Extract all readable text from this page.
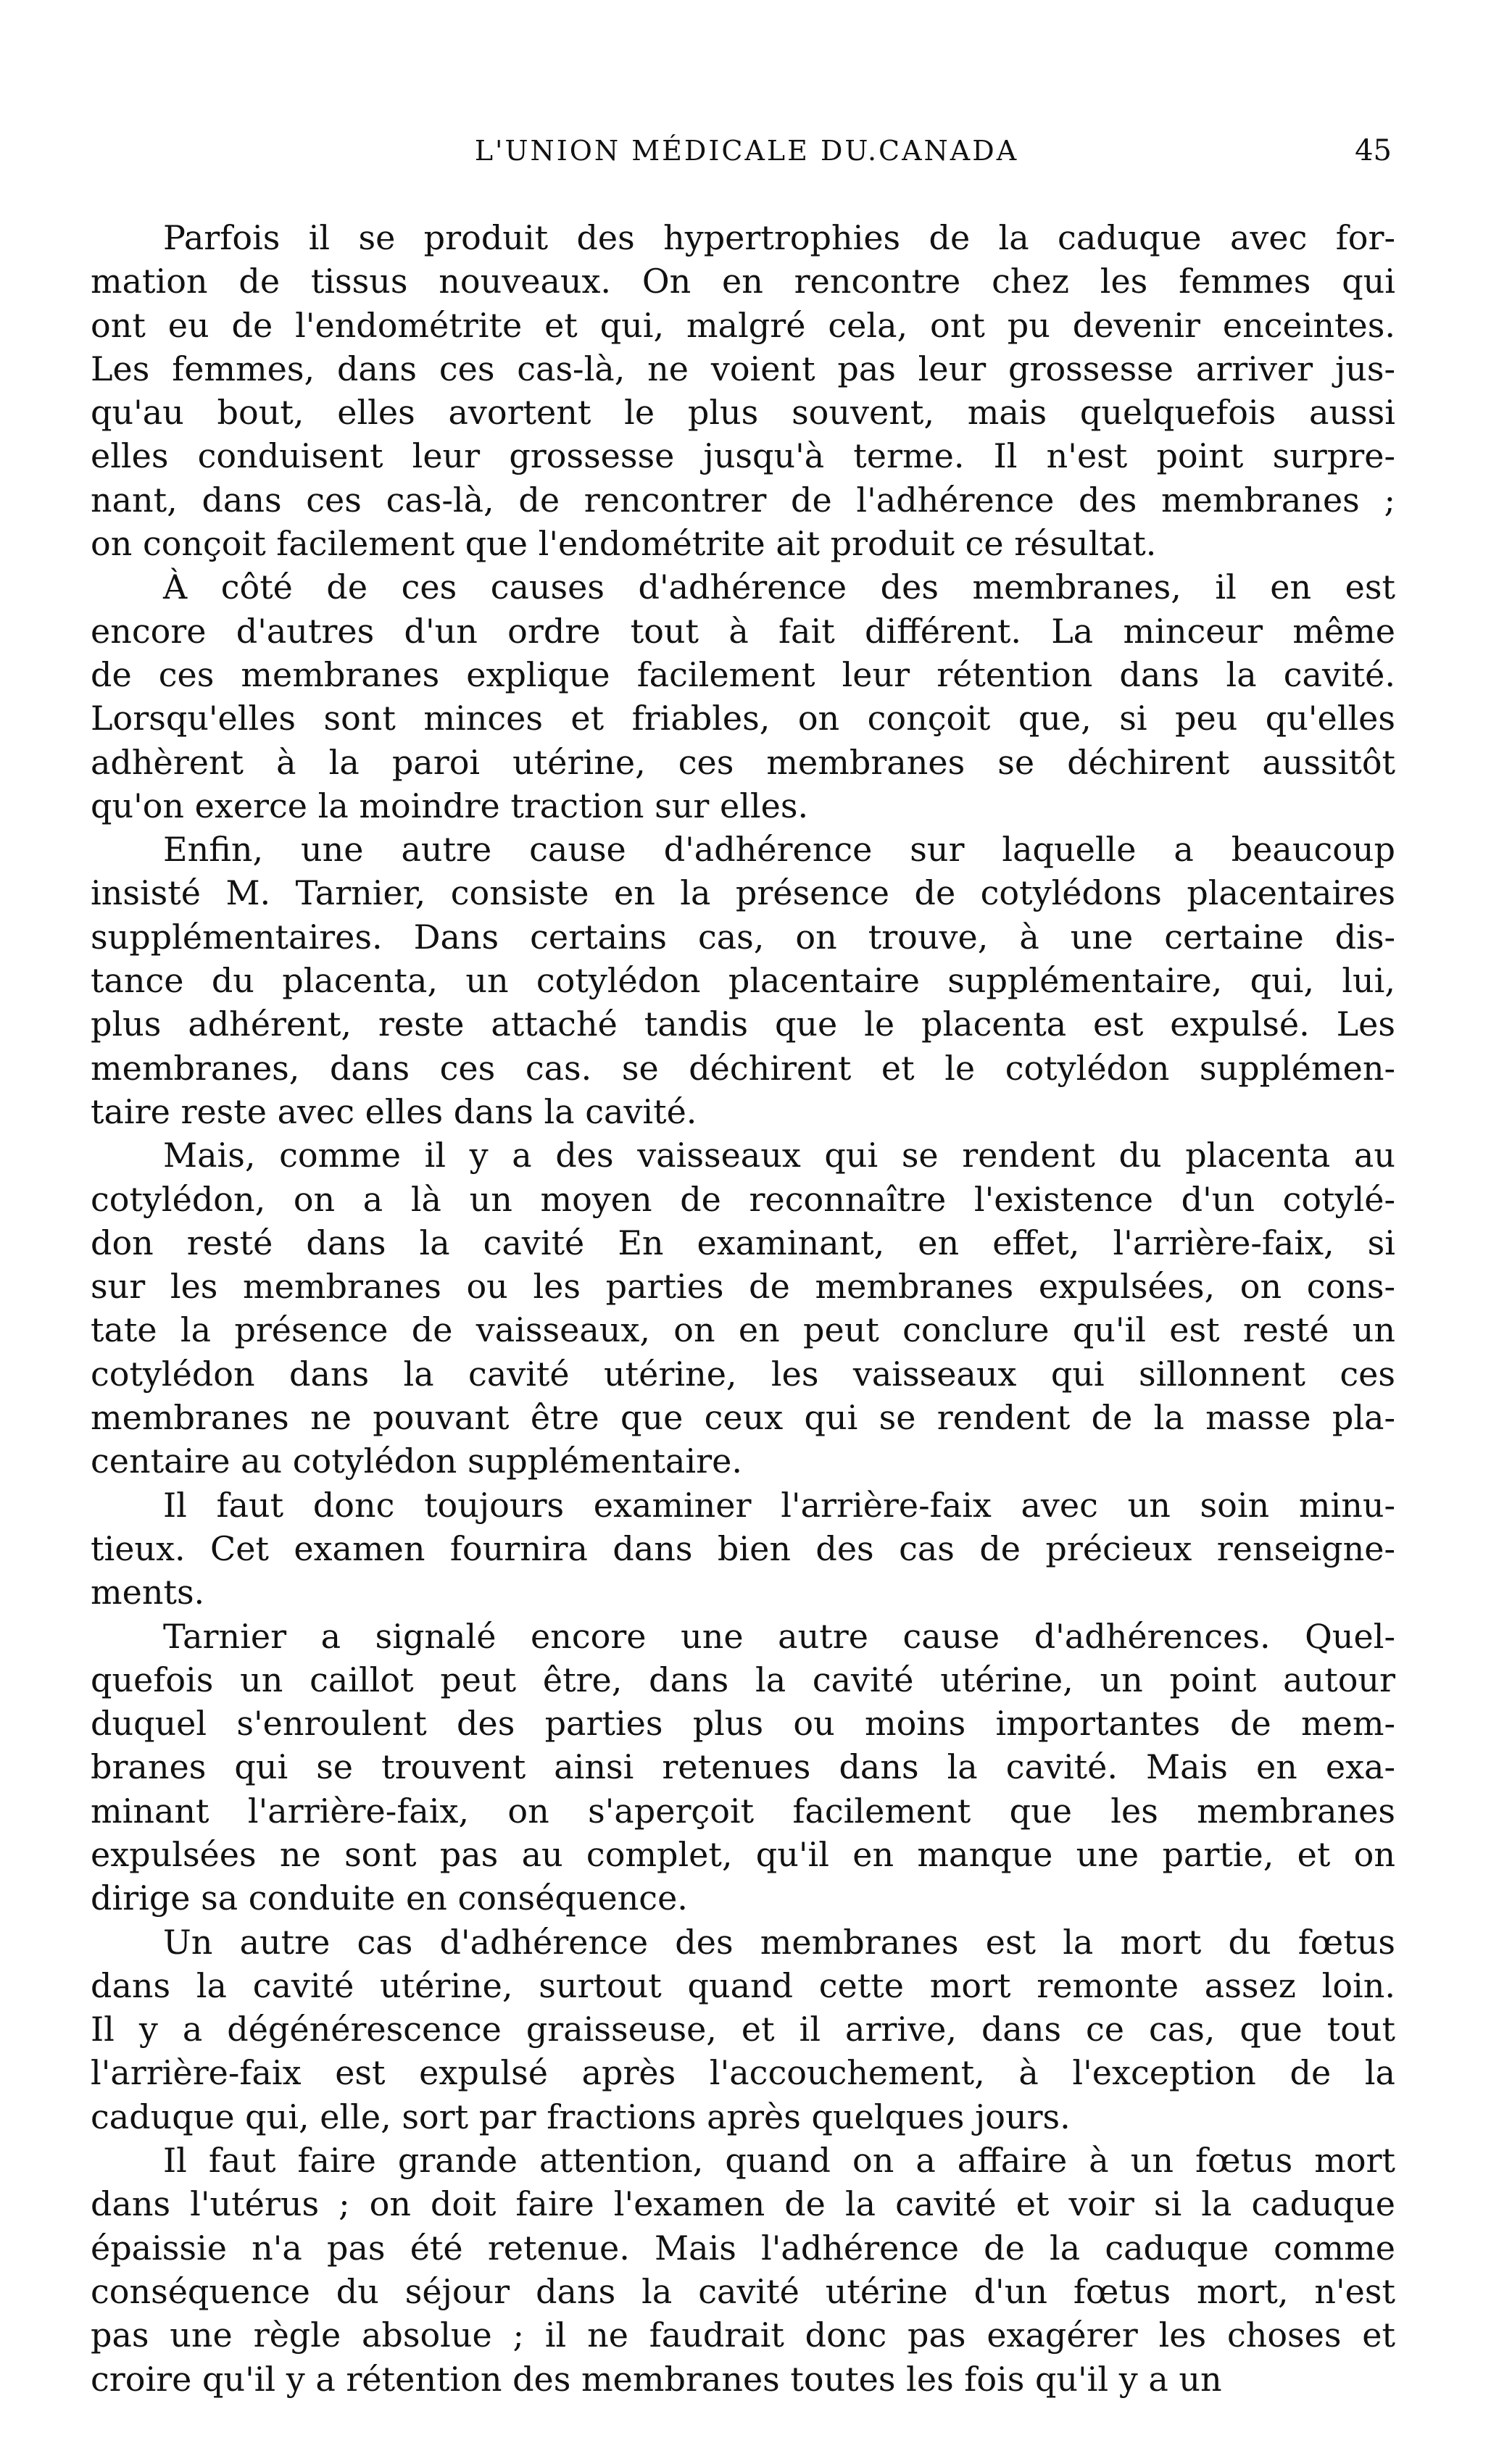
L'UNION MÉDICALE DU.CANADA	45
Parfois il se produit des hypertrophies de la caduque avec for-
mation de tissus nouveaux. On en rencontre chez les femmes qui
ont eu de l'endométrite et qui, malgré cela, ont pu devenir enceintes.
Les femmes, dans ces cas-là, ne voient pas leur grossesse arriver jus-
qu'au bout, elles avortent le plus souvent, mais quelquefois aussi
elles conduisent leur grossesse jusqu'à terme. Il n'est point surpre-
nant, dans ces cas-là, de rencontrer de l'adhérence des membranes ;
on conçoit facilement que l'endométrite ait produit ce résultat.
À côté de ces causes d'adhérence des membranes, il en est
encore d'autres d'un ordre tout à fait différent. La minceur même
de ces membranes explique facilement leur rétention dans la cavité.
Lorsqu'elles sont minces et friables, on conçoit que, si peu qu'elles
adhèrent à la paroi utérine, ces membranes se déchirent aussitôt
qu'on exerce la moindre traction sur elles.
Enfin, une autre cause d'adhérence sur laquelle a beaucoup
insisté M. Tarnier, consiste en la présence de cotylédons placentaires
supplémentaires. Dans certains cas, on trouve, à une certaine dis-
tance du placenta, un cotylédon placentaire supplémentaire, qui, lui,
plus adhérent, reste attaché tandis que le placenta est expulsé. Les
membranes, dans ces cas. se déchirent et le cotylédon supplémen-
taire reste avec elles dans la cavité.
Mais, comme il y a des vaisseaux qui se rendent du placenta au
cotylédon, on a là un moyen de reconnaître l'existence d'un cotylé-
don resté dans la cavité En examinant, en effet, l'arrière-faix, si
sur les membranes ou les parties de membranes expulsées, on cons-
tate la présence de vaisseaux, on en peut conclure qu'il est resté un
cotylédon dans la cavité utérine, les vaisseaux qui sillonnent ces
membranes ne pouvant être que ceux qui se rendent de la masse pla-
centaire au cotylédon supplémentaire.
Il faut donc toujours examiner l'arrière-faix avec un soin minu-
tieux. Cet examen fournira dans bien des cas de précieux renseigne-
ments.
Tarnier a signalé encore une autre cause d'adhérences. Quel-
quefois un caillot peut être, dans la cavité utérine, un point autour
duquel s'enroulent des parties plus ou moins importantes de mem-
branes qui se trouvent ainsi retenues dans la cavité. Mais en exa-
minant l'arrière-faix, on s'aperçoit facilement que les membranes
expulsées ne sont pas au complet, qu'il en manque une partie, et on
dirige sa conduite en conséquence.
Un autre cas d'adhérence des membranes est la mort du fœtus
dans la cavité utérine, surtout quand cette mort remonte assez loin.
Il y a dégénérescence graisseuse, et il arrive, dans ce cas, que tout
l'arrière-faix est expulsé après l'accouchement, à l'exception de la
caduque qui, elle, sort par fractions après quelques jours.
Il faut faire grande attention, quand on a affaire à un fœtus mort
dans l'utérus ; on doit faire l'examen de la cavité et voir si la caduque
épaissie n'a pas été retenue. Mais l'adhérence de la caduque comme
conséquence du séjour dans la cavité utérine d'un fœtus mort, n'est
pas une règle absolue ; il ne faudrait donc pas exagérer les choses et
croire qu'il y a rétention des membranes toutes les fois qu'il y a un
